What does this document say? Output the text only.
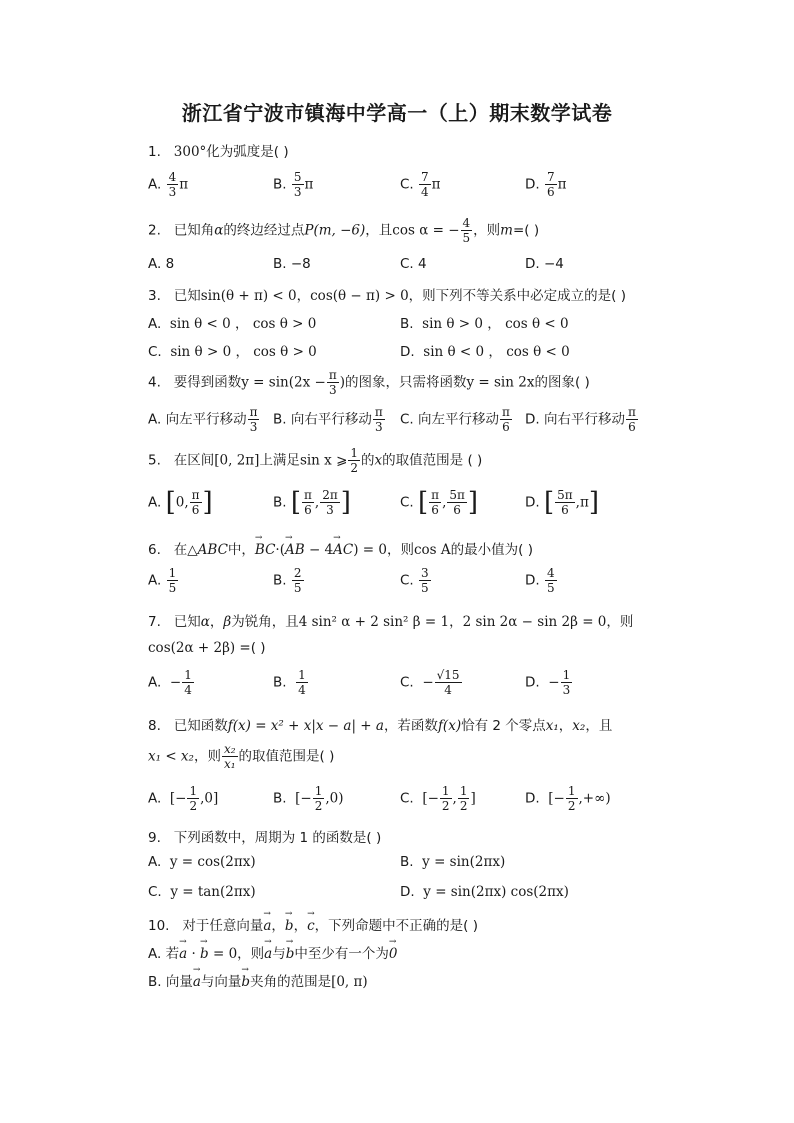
浙江省宁波市镇海中学高一（上）期末数学试卷
1. 300°化为弧度是( )
A. $\frac{4}{3}$ π	B. $\frac{5}{3}$ π	C. $\frac{7}{4}$ π	D. $\frac{7}{6}$ π
2. 已知角α的终边经过点P(m, −6)，且cos α = − $\frac{4}{5}$ ，则m=( )
A. 8	B. −8	C. 4	D. −4
3. 已知sin(θ + π) < 0，cos(θ − π) > 0，则下列不等关系中必定成立的是( )
A. sin θ < 0 ， cos θ > 0	B. sin θ > 0 ， cos θ < 0
C. sin θ > 0 ， cos θ > 0	D. sin θ < 0 ， cos θ < 0
4. 要得到函数$y = \sin(2x - \frac{\pi}{3}$ )的图象，只需将函数y = sin 2x的图象( )
A. 向左平行移动 $\frac{\pi}{3} B$. 向右平行移动 $\frac{\pi}{3} C$. 向左平行移动 $\frac{\pi}{6} D$. 向右平行移动 $\frac{\pi}{6}$
5. 在区间[0, 2π]上满足sin x ⩾ $\frac{1}{2}$ 的x的取值范围是 ( )
A. [0, $\frac{\pi}{6}$ ]	B. [ $\frac{\pi}{6}$ , $\frac{2\pi}{3}$ ]	C. [ $\frac{\pi}{6}$ , $\frac{5\pi}{6}$ ]	D. [ $\frac{5\pi}{6} ,\pi$]
6. 在△ABC中，→ BC·(→ AB − 4→ AC) = 0，则cos A的最小值为( )
A. $\frac{1}{5}$	B. $\frac{2}{5}$	C. $\frac{3}{5}$	D. $\frac{4}{5}$
7. 已知α，β为锐角，且4 sin² α + 2 sin² β = 1，2 sin 2α − sin 2β = 0，则
cos(2α + 2β) =( )
A. − $\frac{1}{4}$	B. $\frac{1}{4}$	C. − $\frac{√15}{4}$	D. − $\frac{1}{3}$
8. 已知函数f(x) = x² + x|x − a| + a，若函数f(x)恰有 2 个零点x₁，x₂，且
x₁ < x₂，则 $\frac{\text{x₂}}{\text{x₁}}$ 的取值范围是( )
A. [− $\frac{1}{2} ,0$]	B. [− $\frac{1}{2} ,0$)	C. [− $\frac{1}{2}$ , $\frac{1}{2}$ ]	D. [− $\frac{1}{2}$ ,+∞)
9. 下列函数中，周期为 1 的函数是( )
A. y = cos(2πx)	B. y = sin(2πx)
C. y = tan(2πx)	D. y = sin(2πx) cos(2πx)
10. 对于任意向量→ a，→ b，→ c，下列命题中不正确的是( )
A. 若→ a · → b = 0，则→ a与→ b中至少有一个为→ 0
B. 向量→ a与向量→ b夹角的范围是[0, π)
